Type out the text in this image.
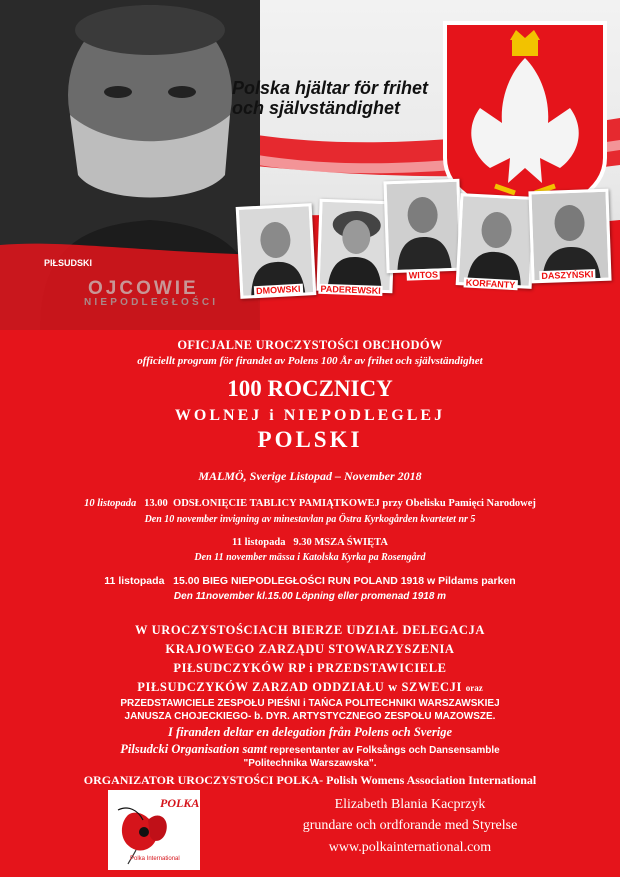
PIŁSUDSKI
OJCOWIE
NIEPODLEGŁOŚCI
Polska hjältar för frihet
och självständighet
DMOWSKI PADEREWSKI
WITOS
KORFANTY
DASZYŃSKI
OFICJALNE UROCZYSTOŚCI OBCHODÓW
officiellt program för firandet av Polens 100 År av frihet och självständighet
100 ROCZNICY
WOLNEJ i NIEPODLEGLEJ
POLSKI
MALMÖ, Sverige Listopad – November 2018
10 listopada 13.00 ODSŁONIĘCIE TABLICY PAMIĄTKOWEJ przy Obelisku Pamięci Narodowej
Den 10 november invigning av minestavlan pa Östra Kyrkogården kvartetet nr 5
11 listopada 9.30 MSZA ŚWIĘTA
Den 11 november mässa i Katolska Kyrka pa Rosengård
11 listopada 15.00 BIEG NIEPODLEGŁOŚCI RUN POLAND 1918 w Pildams parken
Den 11november kl.15.00 Löpning eller promenad 1918 m
W UROCZYSTOŚCIACH BIERZE UDZIAŁ DELEGACJA
KRAJOWEGO ZARZĄDU STOWARZYSZENIA
PIŁSUDCZYKÓW RP i PRZEDSTAWICIELE
PIŁSUDCZYKÓW ZARZAD ODDZIAŁU w SZWECJI oraz
PRZEDSTAWICIELE ZESPOŁU PIEŚNI i TAŃCA POLITECHNIKI WARSZAWSKIEJ
JANUSZA CHOJECKIEGO- b. DYR. ARTYSTYCZNEGO ZESPOŁU MAZOWSZE.
I firanden deltar en delegation från Polens och Sverige
Pilsudcki Organisation samt representanter av Folksångs och Dansensamble
"Politechnika Warszawska".
ORGANIZATOR UROCZYSTOŚCI POLKA- Polish Womens Association International
POLKA
Polka International
Elizabeth Blania Kacprzyk
grundare och ordforande med Styrelse
www.polkainternational.com
